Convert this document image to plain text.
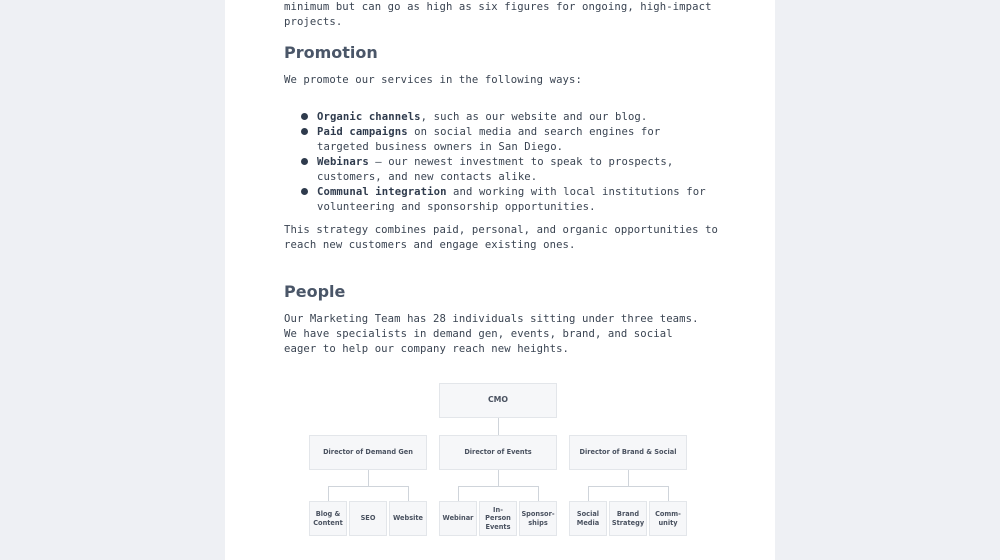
minimum but can go as high as six figures for ongoing, high-impact projects.

Promotion

We promote our services in the following ways:

Organic channels, such as our website and our blog.
Paid campaigns on social media and search engines for targeted business owners in San Diego.
Webinars – our newest investment to speak to prospects, customers, and new contacts alike.
Communal integration and working with local institutions for volunteering and sponsorship opportunities.

This strategy combines paid, personal, and organic opportunities to reach new customers and engage existing ones.

People

Our Marketing Team has 28 individuals sitting under three teams. We have specialists in demand gen, events, brand, and social eager to help our company reach new heights.

CMO
Director of Demand Gen	Director of Events	Director of Brand & Social
Blog & Content
SEO	Website	Webinar
In-Person Events
Sponsor-ships
Social Media
Brand Strategy
Comm-unity
